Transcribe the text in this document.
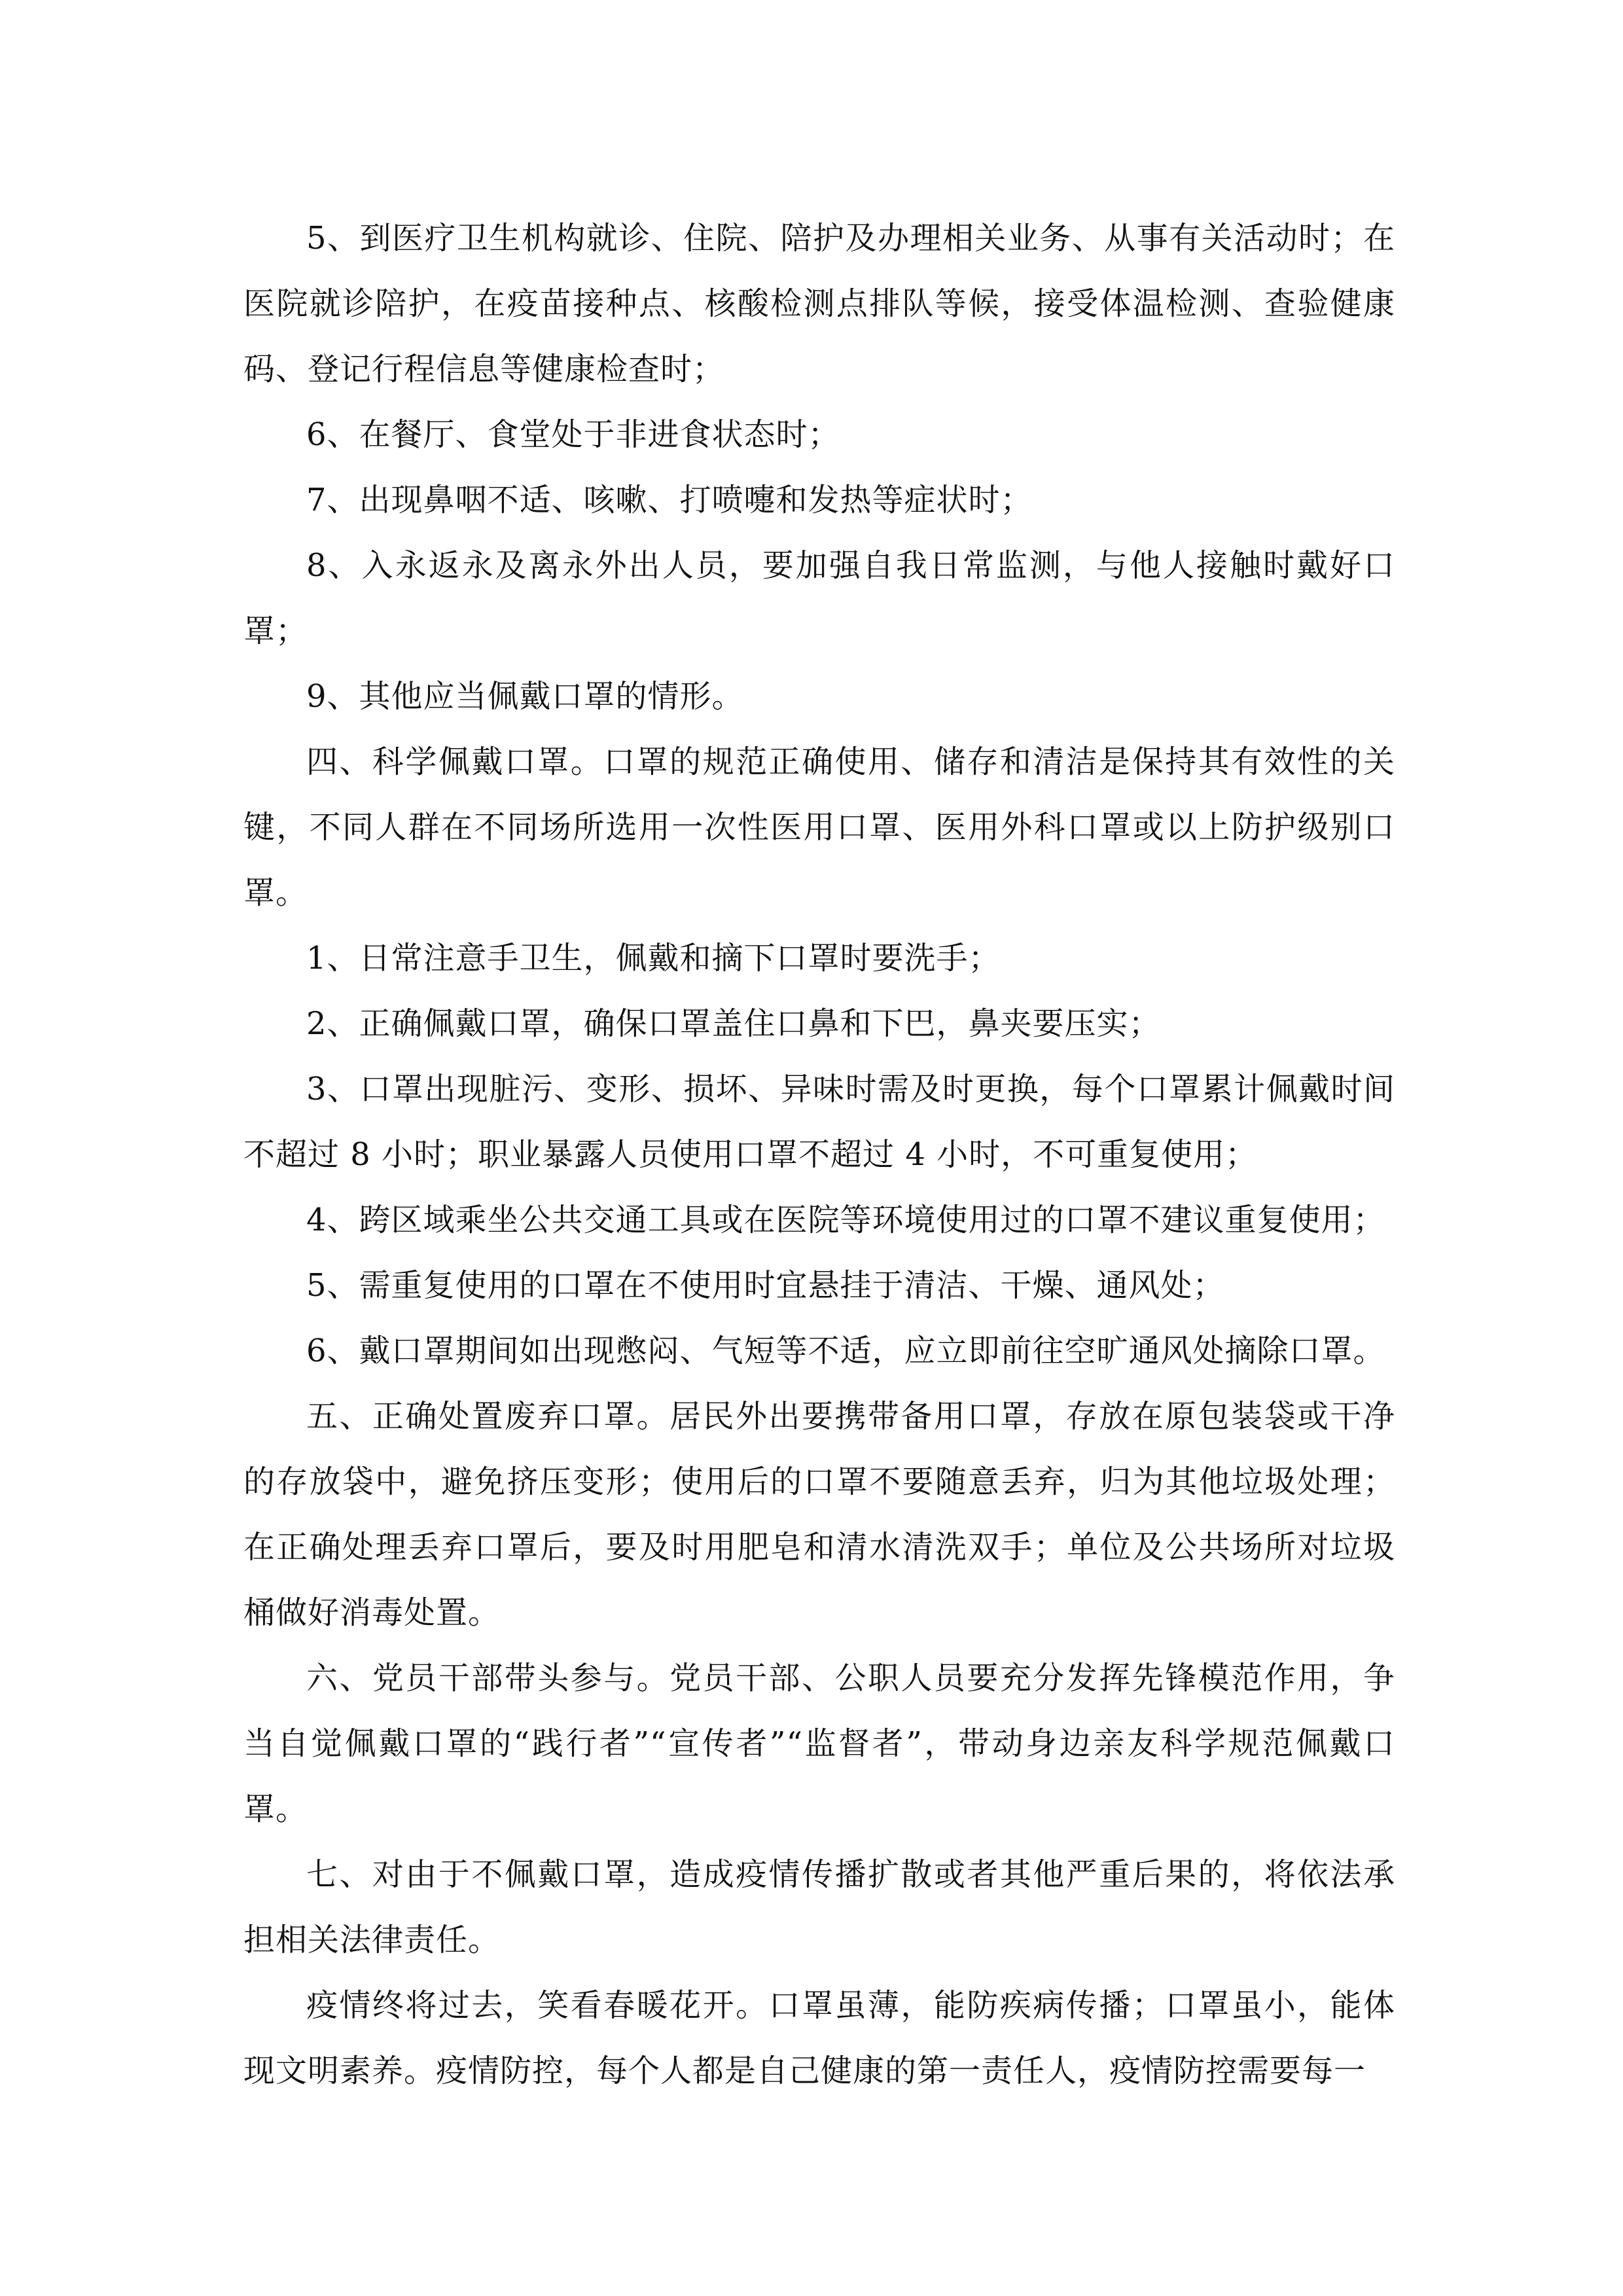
5、到医疗卫生机构就诊、住院、陪护及办理相关业务、从事有关活动时；在医院就诊陪护，在疫苗接种点、核酸检测点排队等候，接受体温检测、查验健康码、登记行程信息等健康检查时；

6、在餐厅、食堂处于非进食状态时；

7、出现鼻咽不适、咳嗽、打喷嚏和发热等症状时；

8、入永返永及离永外出人员，要加强自我日常监测，与他人接触时戴好口罩；

9、其他应当佩戴口罩的情形。

四、科学佩戴口罩。口罩的规范正确使用、储存和清洁是保持其有效性的关键，不同人群在不同场所选用一次性医用口罩、医用外科口罩或以上防护级别口罩。

1、日常注意手卫生，佩戴和摘下口罩时要洗手；

2、正确佩戴口罩，确保口罩盖住口鼻和下巴，鼻夹要压实；

3、口罩出现脏污、变形、损坏、异味时需及时更换，每个口罩累计佩戴时间不超过 8 小时；职业暴露人员使用口罩不超过 4 小时，不可重复使用；

4、跨区域乘坐公共交通工具或在医院等环境使用过的口罩不建议重复使用；

5、需重复使用的口罩在不使用时宜悬挂于清洁、干燥、通风处；

6、戴口罩期间如出现憋闷、气短等不适，应立即前往空旷通风处摘除口罩。

五、正确处置废弃口罩。居民外出要携带备用口罩，存放在原包装袋或干净的存放袋中，避免挤压变形；使用后的口罩不要随意丢弃，归为其他垃圾处理；在正确处理丢弃口罩后，要及时用肥皂和清水清洗双手；单位及公共场所对垃圾桶做好消毒处置。

六、党员干部带头参与。党员干部、公职人员要充分发挥先锋模范作用，争当自觉佩戴口罩的“践行者”“宣传者”“监督者”，带动身边亲友科学规范佩戴口罩。

七、对由于不佩戴口罩，造成疫情传播扩散或者其他严重后果的，将依法承担相关法律责任。

疫情终将过去，笑看春暖花开。口罩虽薄，能防疾病传播；口罩虽小，能体现文明素养。疫情防控，每个人都是自己健康的第一责任人，疫情防控需要每一
